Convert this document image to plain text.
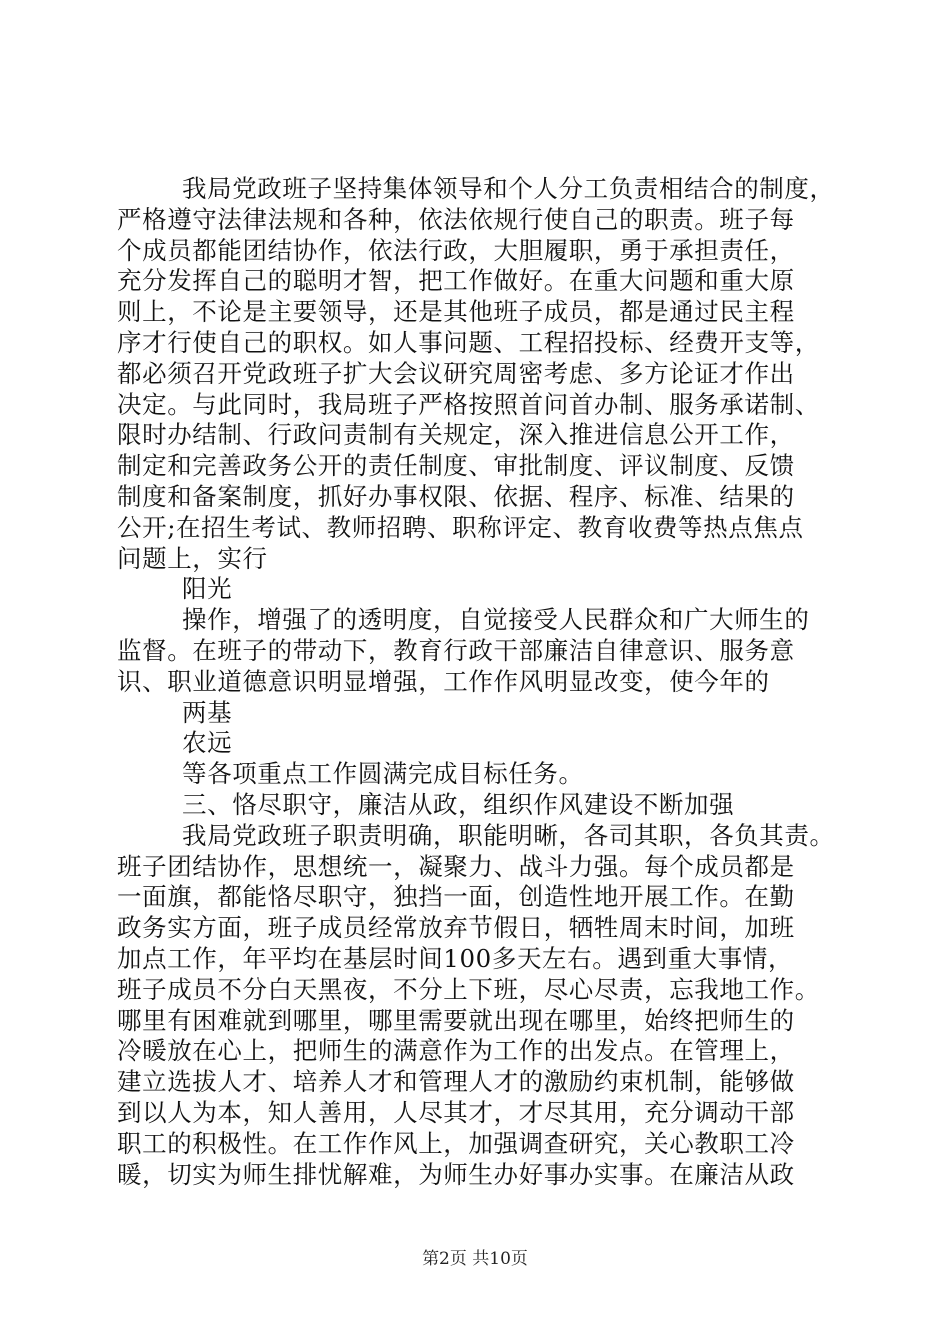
我局党政班子坚持集体领导和个人分工负责相结合的制度，
严格遵守法律法规和各种，依法依规行使自己的职责。班子每
个成员都能团结协作，依法行政，大胆履职，勇于承担责任，
充分发挥自己的聪明才智，把工作做好。在重大问题和重大原
则上，不论是主要领导，还是其他班子成员，都是通过民主程
序才行使自己的职权。如人事问题、工程招投标、经费开支等，
都必须召开党政班子扩大会议研究周密考虑、多方论证才作出
决定。与此同时，我局班子严格按照首问首办制、服务承诺制、
限时办结制、行政问责制有关规定，深入推进信息公开工作，
制定和完善政务公开的责任制度、审批制度、评议制度、反馈
制度和备案制度，抓好办事权限、依据、程序、标准、结果的
公开;在招生考试、教师招聘、职称评定、教育收费等热点焦点
问题上，实行
阳光
操作，增强了的透明度，自觉接受人民群众和广大师生的
监督。在班子的带动下，教育行政干部廉洁自律意识、服务意
识、职业道德意识明显增强，工作作风明显改变，使今年的
两基
农远
等各项重点工作圆满完成目标任务。
三、恪尽职守，廉洁从政，组织作风建设不断加强
我局党政班子职责明确，职能明晰，各司其职，各负其责。
班子团结协作，思想统一，凝聚力、战斗力强。每个成员都是
一面旗，都能恪尽职守，独挡一面，创造性地开展工作。在勤
政务实方面，班子成员经常放弃节假日，牺牲周末时间，加班
加点工作，年平均在基层时间100多天左右。遇到重大事情，
班子成员不分白天黑夜，不分上下班，尽心尽责，忘我地工作。
哪里有困难就到哪里，哪里需要就出现在哪里，始终把师生的
冷暖放在心上，把师生的满意作为工作的出发点。在管理上，
建立选拔人才、培养人才和管理人才的激励约束机制，能够做
到以人为本，知人善用，人尽其才，才尽其用，充分调动干部
职工的积极性。在工作作风上，加强调查研究，关心教职工冷
暖，切实为师生排忧解难，为师生办好事办实事。在廉洁从政
第2页 共10页
